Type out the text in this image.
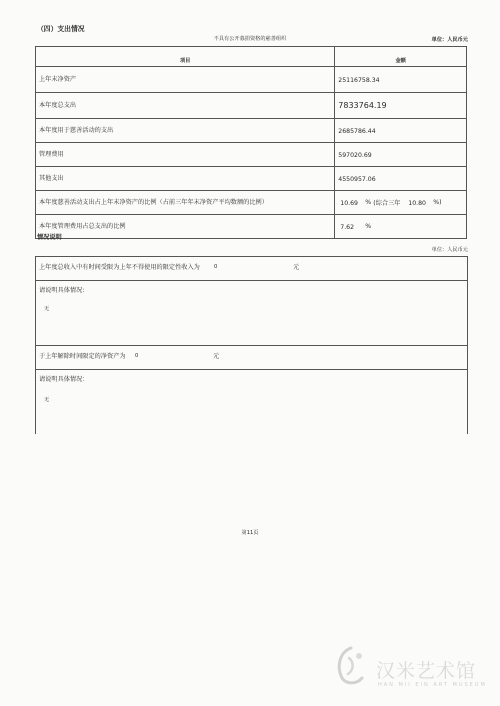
（四）支出情况
不具有公开募捐资格的慈善组织	单位：人民币元
项目	金额

上年末净资产	25116758.34

本年度总支出	7833764.19

本年度用于慈善活动的支出	2685786.44

管理费用	597020.69

其他支出	4550957.06

本年度慈善活动支出占上年末净资产的比例（占前三年年末净资产平均数额的比例）	10.69 % (综合三年 10.80 %)

本年度管理费用占总支出的比例	7.62 %
情况说明
单位：人民币元
上年度总收入中有时间受限为上年不得使用的限定性收入为	0	元
请说明具体情况:
无
于上年解除时间限定的净资产为 0	元
请说明具体情况：
无
第11页
汉米艺术馆
HAN MII EIN ART MUSEUM
